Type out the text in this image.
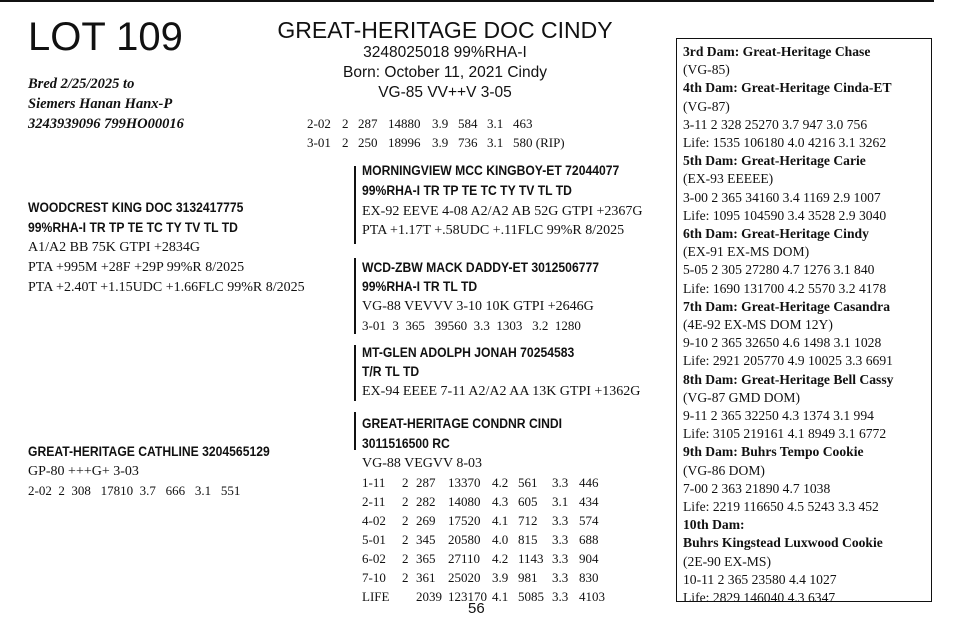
LOT 109
Bred 2/25/2025 to
Siemers Hanan Hanx-P
3243939096 799HO00016
GREAT-HERITAGE DOC CINDY
3248025018 99%RHA-I
Born: October 11, 2021 Cindy
VG-85 VV++V 3-05
2-02	2	287	14880	3.9	584	3.1	463
3-01	2	250	18996	3.9	736	3.1	580 (RIP)
WOODCREST KING DOC 3132417775
99%RHA-I TR TP TE TC TY TV TL TD
A1/A2 BB 75K GTPI +2834G
PTA +995M +28F +29P 99%R 8/2025
PTA +2.40T +1.15UDC +1.66FLC 99%R 8/2025
MORNINGVIEW MCC KINGBOY-ET 72044077
99%RHA-I TR TP TE TC TY TV TL TD
EX-92 EEVE 4-08 A2/A2 AB 52G GTPI +2367G
PTA +1.17T +.58UDC +.11FLC 99%R 8/2025
WCD-ZBW MACK DADDY-ET 3012506777
99%RHA-I TR TL TD
VG-88 VEVVV 3-10 10K GTPI +2646G
3-01  3  365   39560  3.3  1303   3.2  1280
GREAT-HERITAGE CATHLINE 3204565129
GP-80 +++G+ 3-03
2-02  2  308   17810  3.7   666   3.1   551
MT-GLEN ADOLPH JONAH 70254583
T/R TL TD
EX-94 EEEE 7-11 A2/A2 AA 13K GTPI +1362G
GREAT-HERITAGE CONDNR CINDI
3011516500 RC
VG-88 VEGVV 8-03
1-11	2	287	13370	4.2	561	3.3	446
2-11	2	282	14080	4.3	605	3.1	434
4-02	2	269	17520	4.1	712	3.3	574
5-01	2	345	20580	4.0	815	3.3	688
6-02	2	365	27110	4.2	1143	3.3	904
7-10	2	361	25020	3.9	981	3.3	830
LIFE		2039	123170	4.1	5085	3.3	4103
3rd Dam: Great-Heritage Chase
(VG-85)
4th Dam: Great-Heritage Cinda-ET
(VG-87)
3-11 2 328 25270 3.7 947 3.0 756
Life: 1535 106180 4.0 4216 3.1 3262
5th Dam: Great-Heritage Carie
(EX-93 EEEEE)
3-00 2 365 34160 3.4 1169 2.9 1007
Life: 1095 104590 3.4 3528 2.9 3040
6th Dam: Great-Heritage Cindy
(EX-91 EX-MS DOM)
5-05 2 305 27280 4.7 1276 3.1 840
Life: 1690 131700 4.2 5570 3.2 4178
7th Dam: Great-Heritage Casandra
(4E-92 EX-MS DOM 12Y)
9-10 2 365 32650 4.6 1498 3.1 1028
Life: 2921 205770 4.9 10025 3.3 6691
8th Dam: Great-Heritage Bell Cassy
(VG-87 GMD DOM)
9-11 2 365 32250 4.3 1374 3.1 994
Life: 3105 219161 4.1 8949 3.1 6772
9th Dam: Buhrs Tempo Cookie
(VG-86 DOM)
7-00 2 363 21890 4.7 1038
Life: 2219 116650 4.5 5243 3.3 452
10th Dam:
Buhrs Kingstead Luxwood Cookie
(2E-90 EX-MS)
10-11 2 365 23580 4.4 1027
Life: 2829 146040 4.3 6347
56
